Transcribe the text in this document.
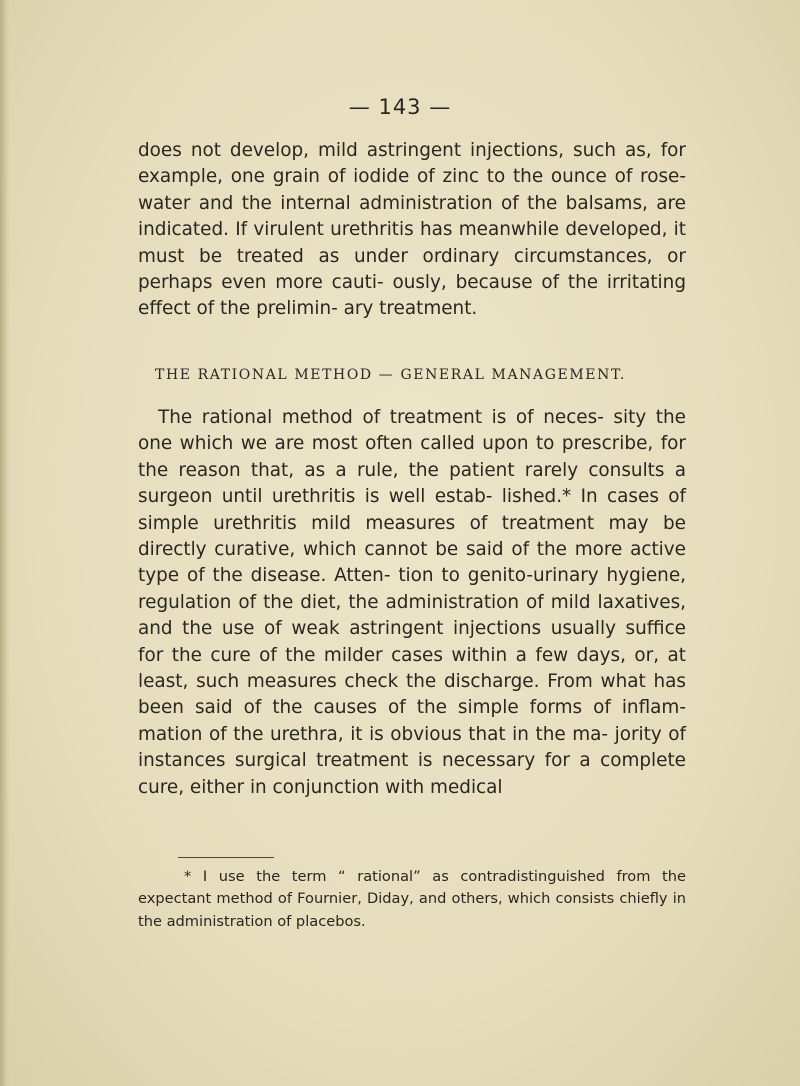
— 143 —

does not develop, mild astringent injections, such as, for example, one grain of iodide of zinc to the ounce of rose-water and the internal administration of the balsams, are indicated. If virulent urethritis has meanwhile developed, it must be treated as under ordinary circumstances, or perhaps even more cauti- ously, because of the irritating effect of the prelimin- ary treatment.

THE RATIONAL METHOD — GENERAL MANAGEMENT.

The rational method of treatment is of neces- sity the one which we are most often called upon to prescribe, for the reason that, as a rule, the patient rarely consults a surgeon until urethritis is well estab- lished.* In cases of simple urethritis mild measures of treatment may be directly curative, which cannot be said of the more active type of the disease. Atten- tion to genito-urinary hygiene, regulation of the diet, the administration of mild laxatives, and the use of weak astringent injections usually suffice for the cure of the milder cases within a few days, or, at least, such measures check the discharge. From what has been said of the causes of the simple forms of inflam- mation of the urethra, it is obvious that in the ma- jority of instances surgical treatment is necessary for a complete cure, either in conjunction with medical

* I use the term “ rational” as contradistinguished from the expectant method of Fournier, Diday, and others, which consists chiefly in the administration of placebos.
